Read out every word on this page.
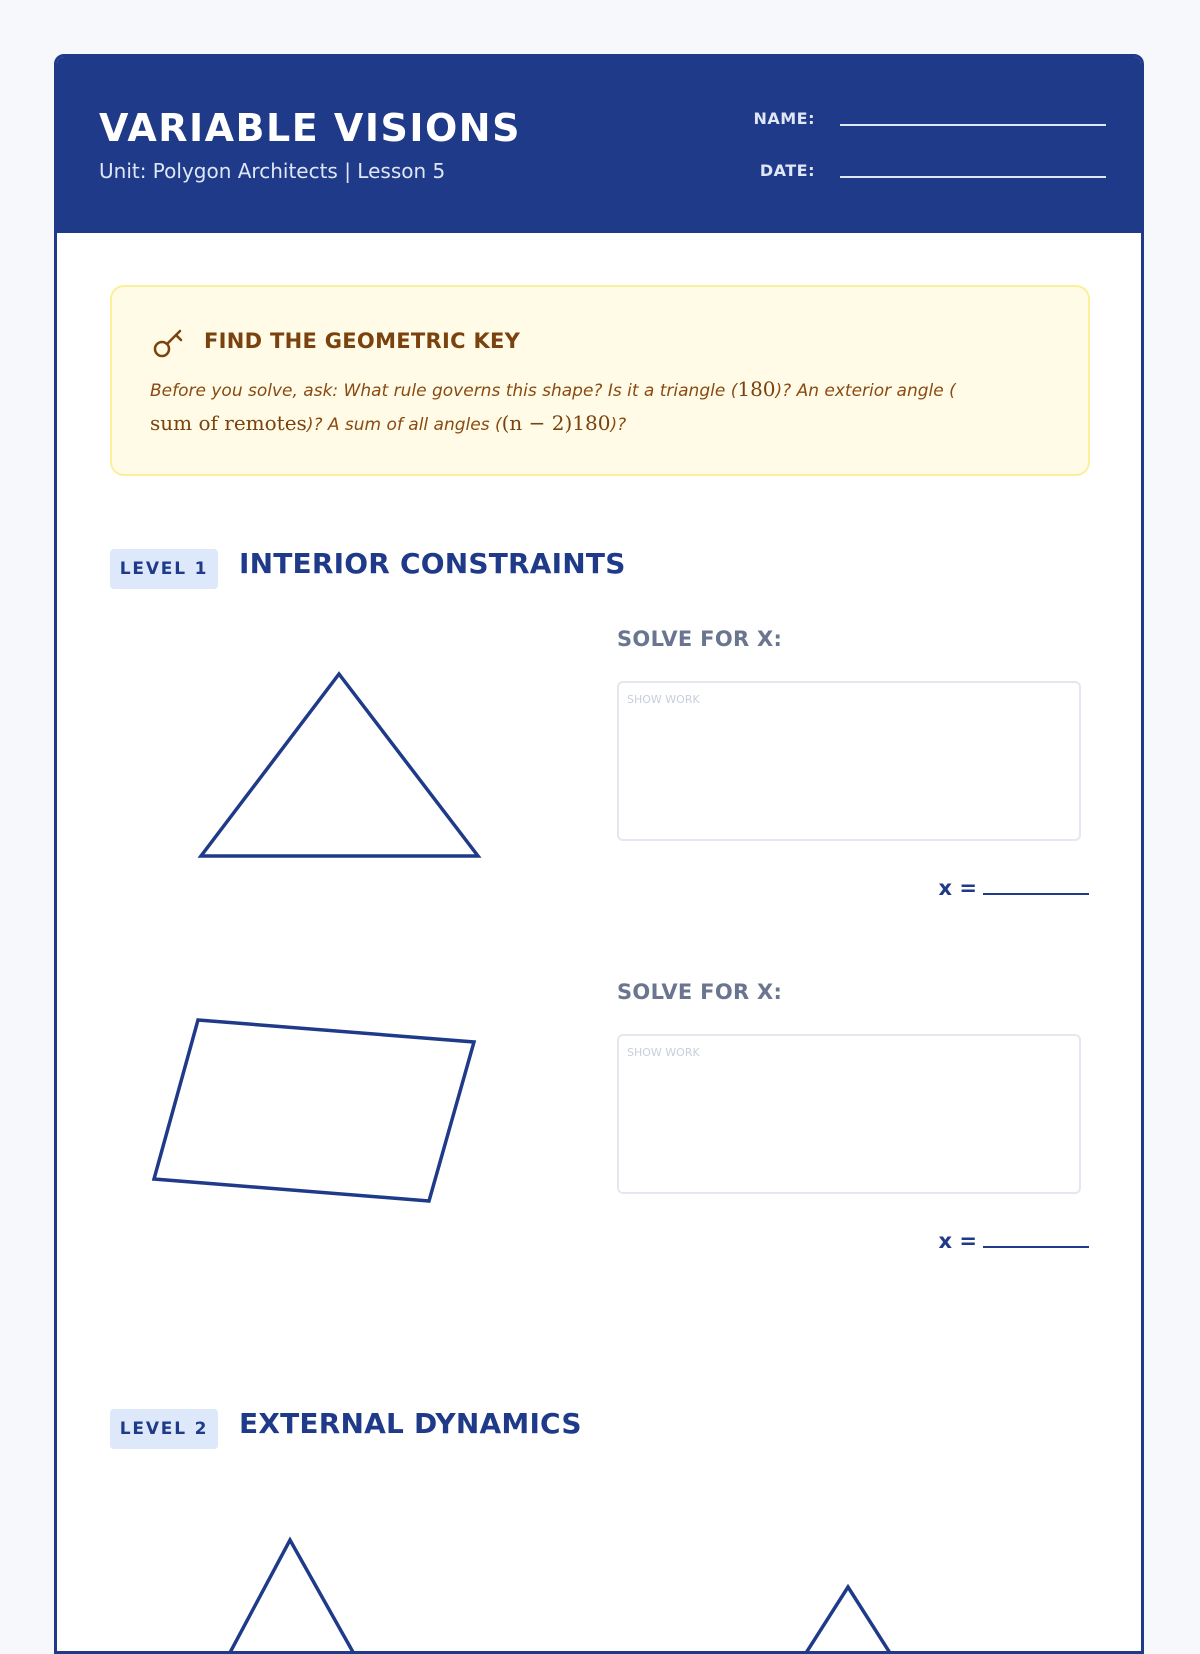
VARIABLE VISIONS
Unit: Polygon Architects | Lesson 5
NAME:
DATE:
FIND THE GEOMETRIC KEY
Before you solve, ask: What rule governs this shape? Is it a triangle (180)? An exterior angle (
sum of remotes)? A sum of all angles ((n − 2)180)?
LEVEL 1	INTERIOR CONSTRAINTS
SOLVE FOR X:
SHOW WORK
x =
SOLVE FOR X:
SHOW WORK
x =
LEVEL 2	EXTERNAL DYNAMICS
